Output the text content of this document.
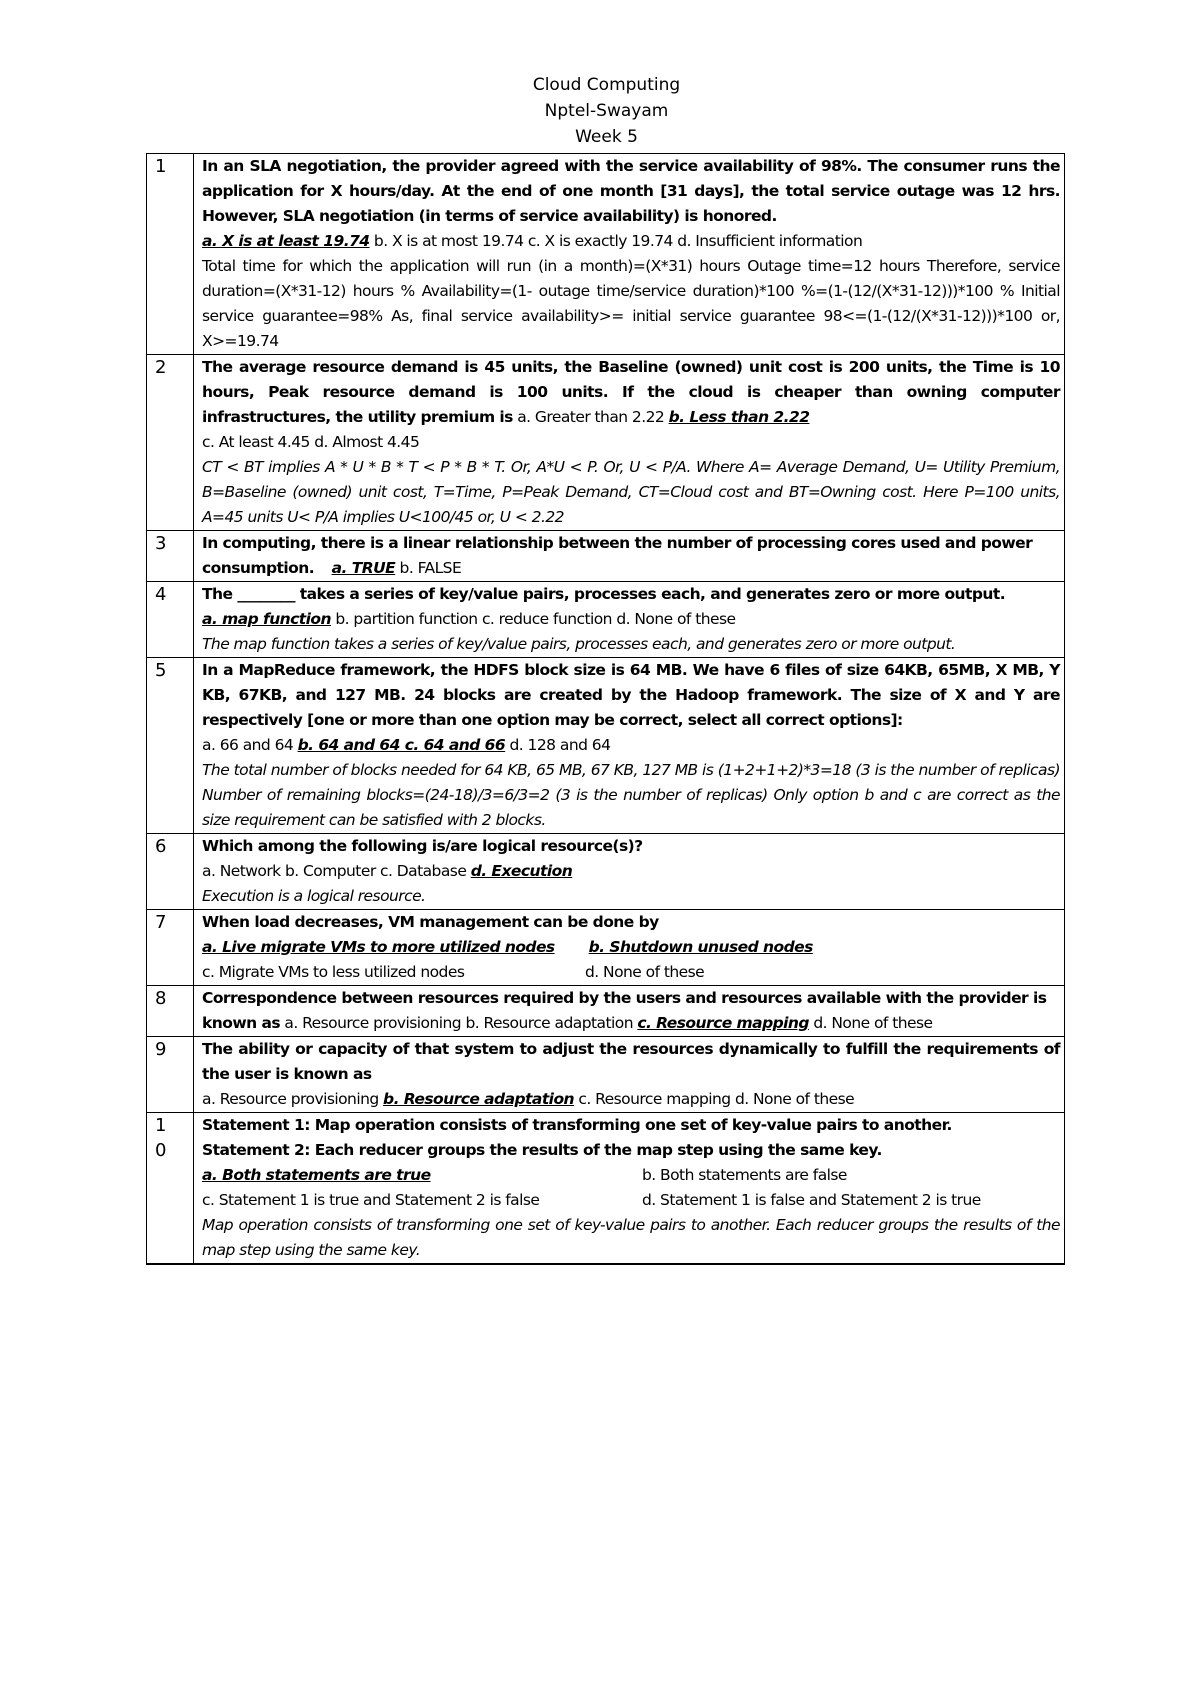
Cloud Computing
Nptel-Swayam
Week 5
1	In an SLA negotiation, the provider agreed with the service availability of 98%. The consumer runs the application for X hours/day. At the end of one month [31 days], the total service outage was 12 hrs. However, SLA negotiation (in terms of service availability) is honored.
a. X is at least 19.74 b. X is at most 19.74 c. X is exactly 19.74 d. Insufficient information
Total time for which the application will run (in a month)=(X*31) hours Outage time=12 hours Therefore, service duration=(X*31-12) hours % Availability=(1- outage time/service duration)*100 %=(1-(12/(X*31-12)))*100 % Initial service guarantee=98% As, final service availability>= initial service guarantee 98<=(1-(12/(X*31-12)))*100 or, X>=19.74

2	The average resource demand is 45 units, the Baseline (owned) unit cost is 200 units, the Time is 10 hours, Peak resource demand is 100 units. If the cloud is cheaper than owning computer infrastructures, the utility premium is a. Greater than 2.22 b. Less than 2.22
c. At least 4.45 d. Almost 4.45
CT < BT implies A * U * B * T < P * B * T. Or, A*U < P. Or, U < P/A. Where A= Average Demand, U= Utility Premium, B=Baseline (owned) unit cost, T=Time, P=Peak Demand, CT=Cloud cost and BT=Owning cost. Here P=100 units, A=45 units U< P/A implies U<100/45 or, U < 2.22

3	In computing, there is a linear relationship between the number of processing cores used and power consumption. a. TRUE b. FALSE

4	The ________ takes a series of key/value pairs, processes each, and generates zero or more output.
a. map function b. partition function c. reduce function d. None of these
The map function takes a series of key/value pairs, processes each, and generates zero or more output.

5	In a MapReduce framework, the HDFS block size is 64 MB. We have 6 files of size 64KB, 65MB, X MB, Y KB, 67KB, and 127 MB. 24 blocks are created by the Hadoop framework. The size of X and Y are respectively [one or more than one option may be correct, select all correct options]:
a. 66 and 64 b. 64 and 64 c. 64 and 66 d. 128 and 64
The total number of blocks needed for 64 KB, 65 MB, 67 KB, 127 MB is (1+2+1+2)*3=18 (3 is the number of replicas) Number of remaining blocks=(24-18)/3=6/3=2 (3 is the number of replicas) Only option b and c are correct as the size requirement can be satisfied with 2 blocks.

6	Which among the following is/are logical resource(s)?
a. Network b. Computer c. Database d. Execution
Execution is a logical resource.

7	When load decreases, VM management can be done by
a. Live migrate VMs to more utilized nodes b. Shutdown unused nodes
c. Migrate VMs to less utilized nodes d. None of these

8	Correspondence between resources required by the users and resources available with the provider is known as a. Resource provisioning b. Resource adaptation c. Resource mapping d. None of these

9	The ability or capacity of that system to adjust the resources dynamically to fulfill the requirements of the user is known as
a. Resource provisioning b. Resource adaptation c. Resource mapping d. None of these

10	Statement 1: Map operation consists of transforming one set of key-value pairs to another.
Statement 2: Each reducer groups the results of the map step using the same key.
a. Both statements are true b. Both statements are false
c. Statement 1 is true and Statement 2 is false d. Statement 1 is false and Statement 2 is true
Map operation consists of transforming one set of key-value pairs to another. Each reducer groups the results of the map step using the same key.
